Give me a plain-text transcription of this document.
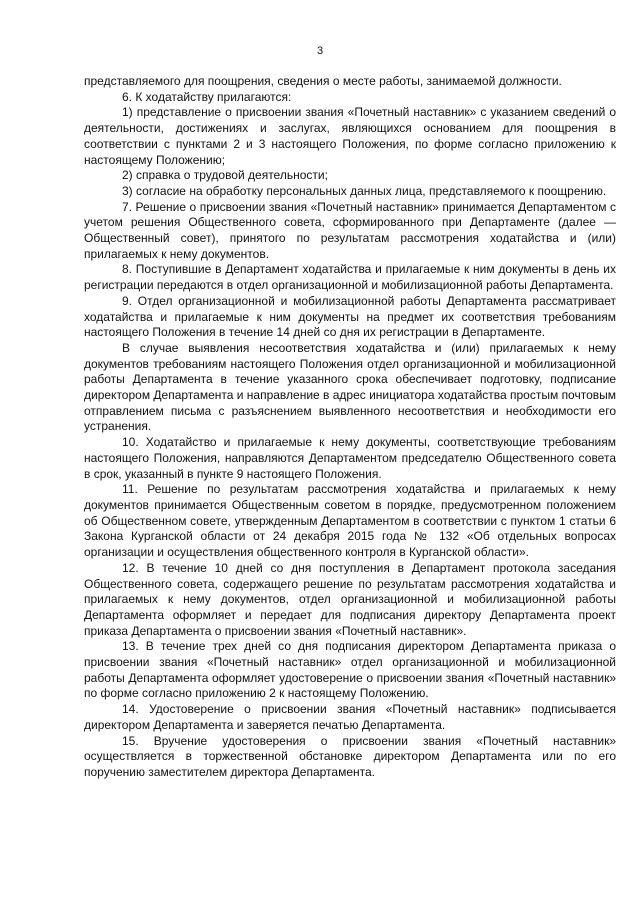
3

представляемого для поощрения, сведения о месте работы, занимаемой должности.

6. К ходатайству прилагаются:

1) представление о присвоении звания «Почетный наставник» с указанием сведений о деятельности, достижениях и заслугах, являющихся основанием для поощрения в соответствии с пунктами 2 и 3 настоящего Положения, по форме согласно приложению к настоящему Положению;

2) справка о трудовой деятельности;

3) согласие на обработку персональных данных лица, представляемого к поощрению.

7. Решение о присвоении звания «Почетный наставник» принимается Департаментом с учетом решения Общественного совета, сформированного при Департаменте (далее — Общественный совет), принятого по результатам рассмотрения ходатайства и (или) прилагаемых к нему документов.

8. Поступившие в Департамент ходатайства и прилагаемые к ним документы в день их регистрации передаются в отдел организационной и мобилизационной работы Департамента.

9. Отдел организационной и мобилизационной работы Департамента рассматривает ходатайства и прилагаемые к ним документы на предмет их соответствия требованиям настоящего Положения в течение 14 дней со дня их регистрации в Департаменте.

В случае выявления несоответствия ходатайства и (или) прилагаемых к нему документов требованиям настоящего Положения отдел организационной и мобилизационной работы Департамента в течение указанного срока обеспечивает подготовку, подписание директором Департамента и направление в адрес инициатора ходатайства простым почтовым отправлением письма с разъяснением выявленного несоответствия и необходимости его устранения.

10. Ходатайство и прилагаемые к нему документы, соответствующие требованиям настоящего Положения, направляются Департаментом председателю Общественного совета в срок, указанный в пункте 9 настоящего Положения.

11. Решение по результатам рассмотрения ходатайства и прилагаемых к нему документов принимается Общественным советом в порядке, предусмотренном положением об Общественном совете, утвержденным Департаментом в соответствии с пунктом 1 статьи 6 Закона Курганской области от 24 декабря 2015 года № 132 «Об отдельных вопросах организации и осуществления общественного контроля в Курганской области».

12. В течение 10 дней со дня поступления в Департамент протокола заседания Общественного совета, содержащего решение по результатам рассмотрения ходатайства и прилагаемых к нему документов, отдел организационной и мобилизационной работы Департамента оформляет и передает для подписания директору Департамента проект приказа Департамента о присвоении звания «Почетный наставник».

13. В течение трех дней со дня подписания директором Департамента приказа о присвоении звания «Почетный наставник» отдел организационной и мобилизационной работы Департамента оформляет удостоверение о присвоении звания «Почетный наставник» по форме согласно приложению 2 к настоящему Положению.

14. Удостоверение о присвоении звания «Почетный наставник» подписывается директором Департамента и заверяется печатью Департамента.

15. Вручение удостоверения о присвоении звания «Почетный наставник» осуществляется в торжественной обстановке директором Департамента или по его поручению заместителем директора Департамента.
